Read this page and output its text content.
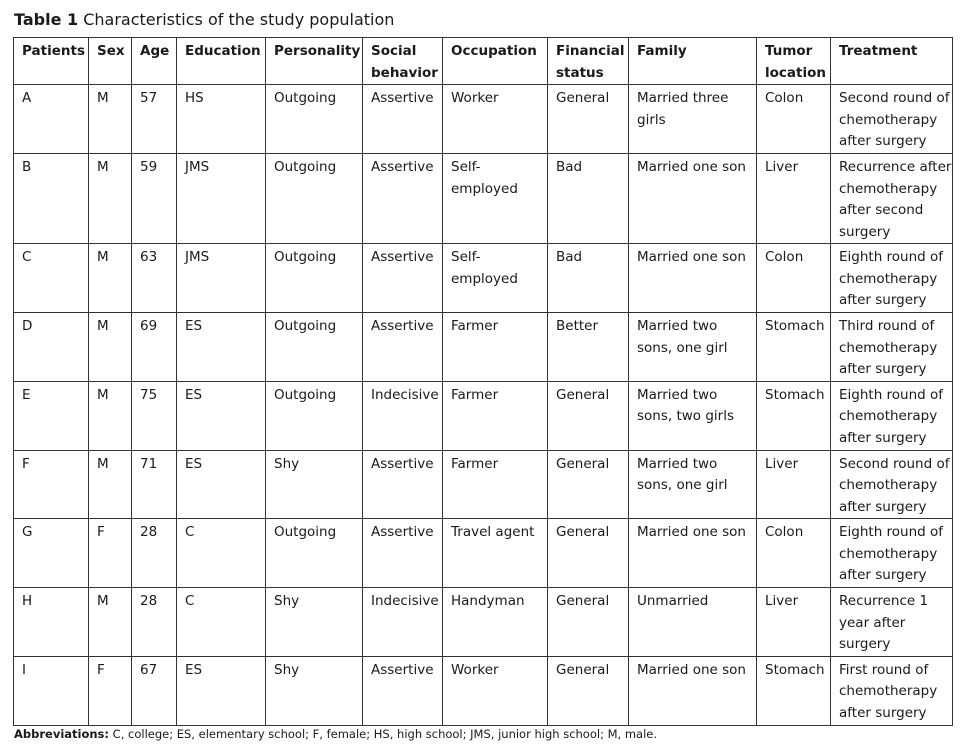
Table 1 Characteristics of the study population
Patients	Sex	Age	Education	Personality	Social behavior	Occupation	Financial status	Family	Tumor location	Treatment
A	M	57	HS	Outgoing	Assertive	Worker	General	Married three girls	Colon	Second round of chemotherapy after surgery
B	M	59	JMS	Outgoing	Assertive	Self-employed	Bad	Married one son	Liver	Recurrence after chemotherapy after second surgery
C	M	63	JMS	Outgoing	Assertive	Self-employed	Bad	Married one son	Colon	Eighth round of chemotherapy after surgery
D	M	69	ES	Outgoing	Assertive	Farmer	Better	Married two sons, one girl	Stomach	Third round of chemotherapy after surgery
E	M	75	ES	Outgoing	Indecisive	Farmer	General	Married two sons, two girls	Stomach	Eighth round of chemotherapy after surgery
F	M	71	ES	Shy	Assertive	Farmer	General	Married two sons, one girl	Liver	Second round of chemotherapy after surgery
G	F	28	C	Outgoing	Assertive	Travel agent	General	Married one son	Colon	Eighth round of chemotherapy after surgery
H	M	28	C	Shy	Indecisive	Handyman	General	Unmarried	Liver	Recurrence 1 year after surgery
I	F	67	ES	Shy	Assertive	Worker	General	Married one son	Stomach	First round of chemotherapy after surgery
Abbreviations: C, college; ES, elementary school; F, female; HS, high school; JMS, junior high school; M, male.
